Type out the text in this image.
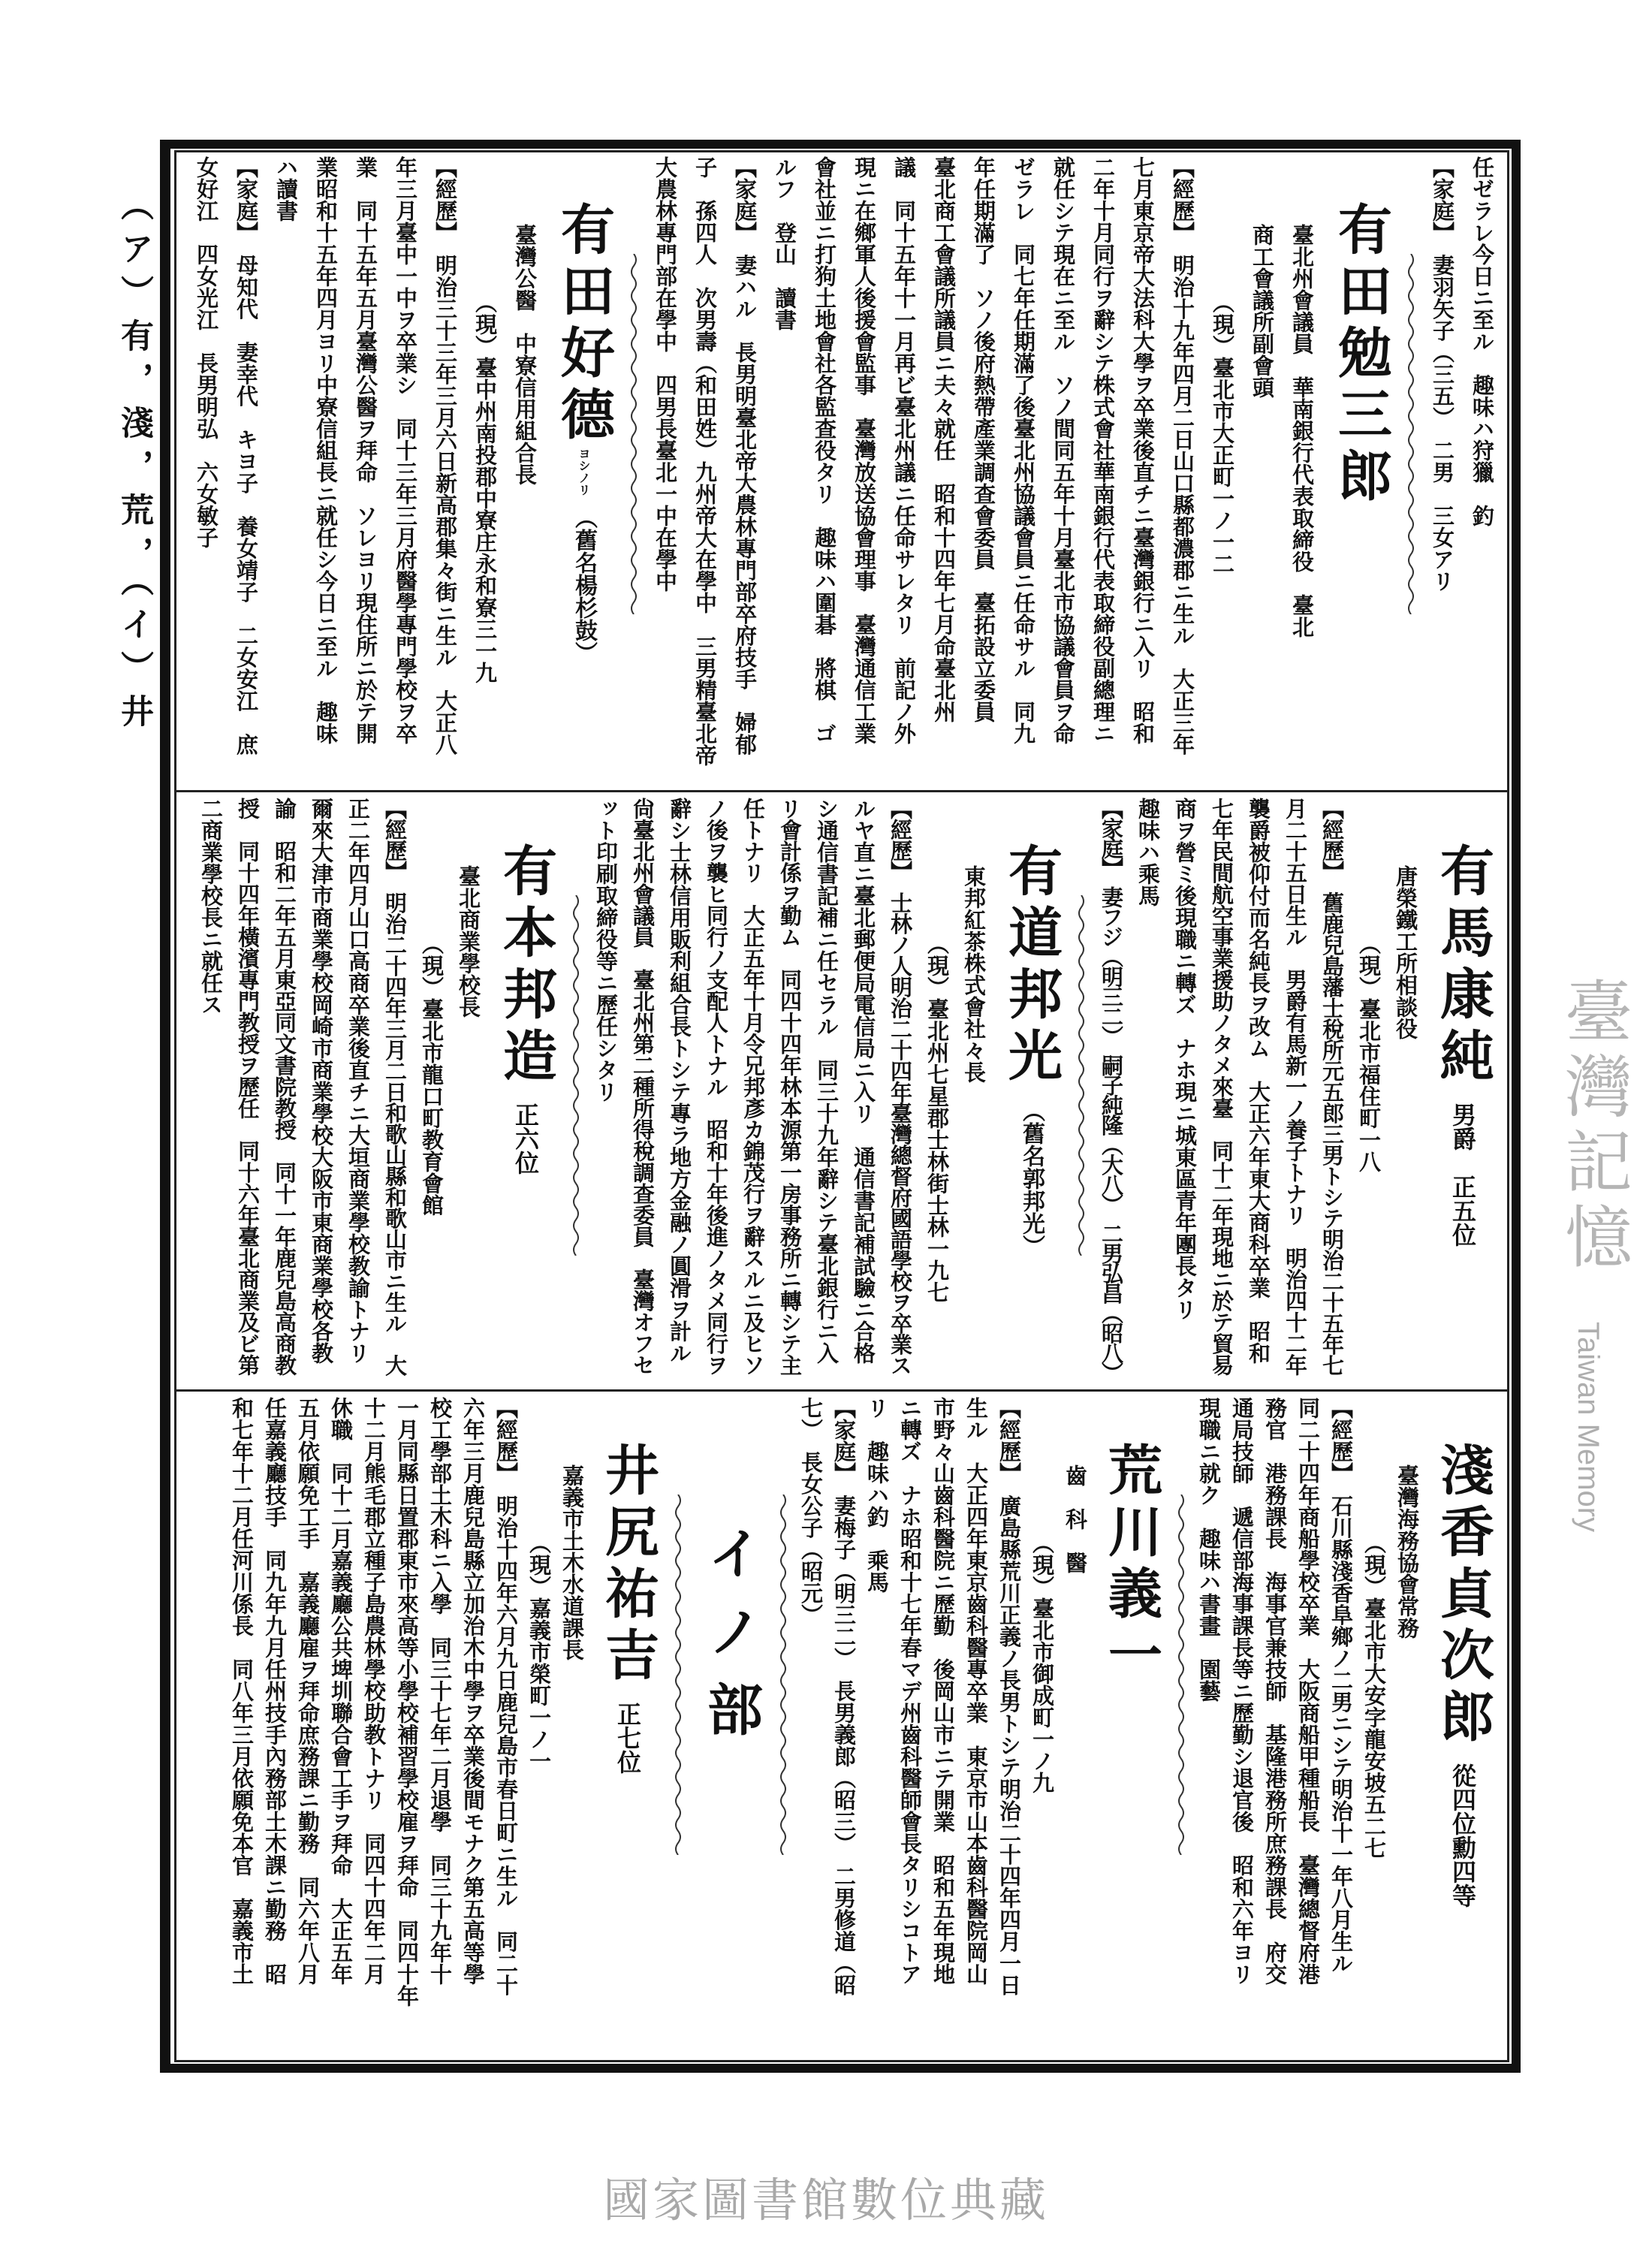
（ア）有，淺，荒，（イ）井	任ゼラレ今日ニ至ル　趣味ハ狩獵　釣
【家庭】　妻羽矢子（三五）　二男　三女アリ
有田勉三郎
臺北州會議員　華南銀行代表取締役　臺北
商工會議所副會頭
（現）臺北市大正町一ノ一二
【經歷】　明治十九年四月二日山口縣都濃郡ニ生ル　大正三年
七月東京帝大法科大學ヲ卒業後直チニ臺灣銀行ニ入リ　昭和
二年十月同行ヲ辭シテ株式會社華南銀行代表取締役副總理ニ
就任シテ現在ニ至ル　ソノ間同五年十月臺北市協議會員ヲ命
ゼラレ　同七年任期滿了後臺北州協議會員ニ任命サル　同九
年任期滿了　ソノ後府熱帶產業調查會委員　臺拓設立委員
臺北商工會議所議員ニ夫々就任　昭和十四年七月命臺北州
議　同十五年十一月再ビ臺北州議ニ任命サレタリ　前記ノ外
現ニ在鄉軍人後援會監事　臺灣放送協會理事　臺灣通信工業
會社並ニ打狗土地會社各監查役タリ　趣味ハ圍碁　將棋　ゴ
ルフ　登山　讀書
【家庭】　妻ハル　長男明臺北帝大農林專門部卒府技手　婦郁
子　孫四人　次男壽（和田姓）九州帝大在學中　三男精臺北帝
大農林專門部在學中　四男長臺北一中在學中
有田好德
ヨシノリ
（舊名楊杉鼓）
臺灣公醫　中寮信用組合長
（現）臺中州南投郡中寮庄永和寮三一九
【經歷】　明治三十三年三月六日新高郡集々街ニ生ル　大正八
年三月臺中一中ヲ卒業シ　同十三年三月府醫學專門學校ヲ卒
業　同十五年五月臺灣公醫ヲ拜命　ソレヨリ現住所ニ於テ開
業昭和十五年四月ヨリ中寮信組長ニ就任シ今日ニ至ル　趣味
ハ讀書
【家庭】　母知代　妻幸代　キヨ子　養女靖子　二女安江　庶
女好江　四女光江　長男明弘　六女敏子
有馬康純
男爵　正五位
唐榮鐵工所相談役
（現）臺北市福住町一八
【經歷】　舊鹿兒島藩士稅所元五郎三男トシテ明治二十五年七
月二十五日生ル　男爵有馬新一ノ養子トナリ　明治四十二年
襲爵被仰付而名純長ヲ改ム　大正六年東大商科卒業　昭和
七年民間航空事業援助ノタメ來臺　同十二年現地ニ於テ貿易
商ヲ營ミ後現職ニ轉ズ　ナホ現ニ城東區青年團長タリ
趣味ハ乘馬
【家庭】　妻フジ（明三二）　嗣子純隆（大八）　二男弘昌（昭八）
有道邦光
（舊名郭邦光）
東邦紅茶株式會社々長
（現）臺北州七星郡士林街士林一九七
【經歷】　士林ノ人明治二十四年臺灣總督府國語學校ヲ卒業ス
ルヤ直ニ臺北郵便局電信局ニ入リ　通信書記補試驗ニ合格
シ通信書記補ニ任セラル　同三十九年辭シテ臺北銀行ニ入
リ會計係ヲ勤ム　同四十四年林本源第一房事務所ニ轉シテ主
任トナリ　大正五年十月令兄邦彥カ錦茂行ヲ辭スルニ及ヒソ
ノ後ヲ襲ヒ同行ノ支配人トナル　昭和十年後進ノタメ同行ヲ
辭シ士林信用販利組合長トシテ專ラ地方金融ノ圓滑ヲ計ル
尙臺北州會議員　臺北州第二種所得稅調查委員　臺灣オフセ
ット印刷取締役等ニ歷任シタリ
有本邦造
正六位
臺北商業學校長
（現）臺北市龍口町教育會館
【經歷】　明治二十四年三月二日和歌山縣和歌山市ニ生ル　大
正二年四月山口高商卒業後直チニ大垣商業學校教諭トナリ
爾來大津市商業學校岡崎市商業學校大阪市東商業學校各教
諭　昭和二年五月東亞同文書院教授　同十一年鹿兒島高商教
授　同十四年橫濱專門教授ヲ歷任　同十六年臺北商業及ビ第
二商業學校長ニ就任ス
淺香貞次郎
從四位勳四等
臺灣海務協會常務
（現）臺北市大安字龍安坡五二七
【經歷】　石川縣淺香阜鄉ノ二男ニシテ明治十一年八月生ル
同二十四年商船學校卒業　大阪商船甲種船長　臺灣總督府港
務官　港務課長　海事官兼技師　基隆港務所庶務課長　府交
通局技師　遞信部海事課長等ニ歷勤シ退官後　昭和六年ヨリ
現職ニ就ク　趣味ハ書畫　園藝
荒川義一
齒　科　醫
（現）臺北市御成町一ノ九
【經歷】　廣島縣荒川正義ノ長男トシテ明治二十四年四月一日
生ル　大正四年東京齒科醫專卒業　東京市山本齒科醫院岡山
市野々山齒科醫院ニ歷勤　後岡山市ニテ開業　昭和五年現地
ニ轉ズ　ナホ昭和十七年春マデ州齒科醫師會長タリシコトア
リ　趣味ハ釣　乘馬
【家庭】　妻梅子（明三二）　長男義郎（昭三）　二男修道（昭
七）　長女公子（昭元）
イノ部
井尻祐吉
正七位
嘉義市土木水道課長
（現）嘉義市榮町一ノ一
【經歷】　明治十四年六月九日鹿兒島市春日町ニ生ル　同二十
六年三月鹿兒島縣立加治木中學ヲ卒業後間モナク第五高等學
校工學部土木科ニ入學　同三十七年二月退學　同三十九年十
一月同縣日置郡東市來高等小學校補習學校雇ヲ拜命　同四十年
十二月熊毛郡立種子島農林學校助教トナリ　同四十四年二月
休職　同十二月嘉義廳公共埤圳聯合會工手ヲ拜命　大正五年
五月依願免工手　嘉義廳雇ヲ拜命庶務課ニ勤務　同六年八月
任嘉義廳技手　同九年九月任州技手內務部土木課ニ勤務　昭
和七年十二月任河川係長　同八年三月依願免本官　嘉義市土
臺灣記憶
Taiwan Memory
國家圖書館數位典藏
